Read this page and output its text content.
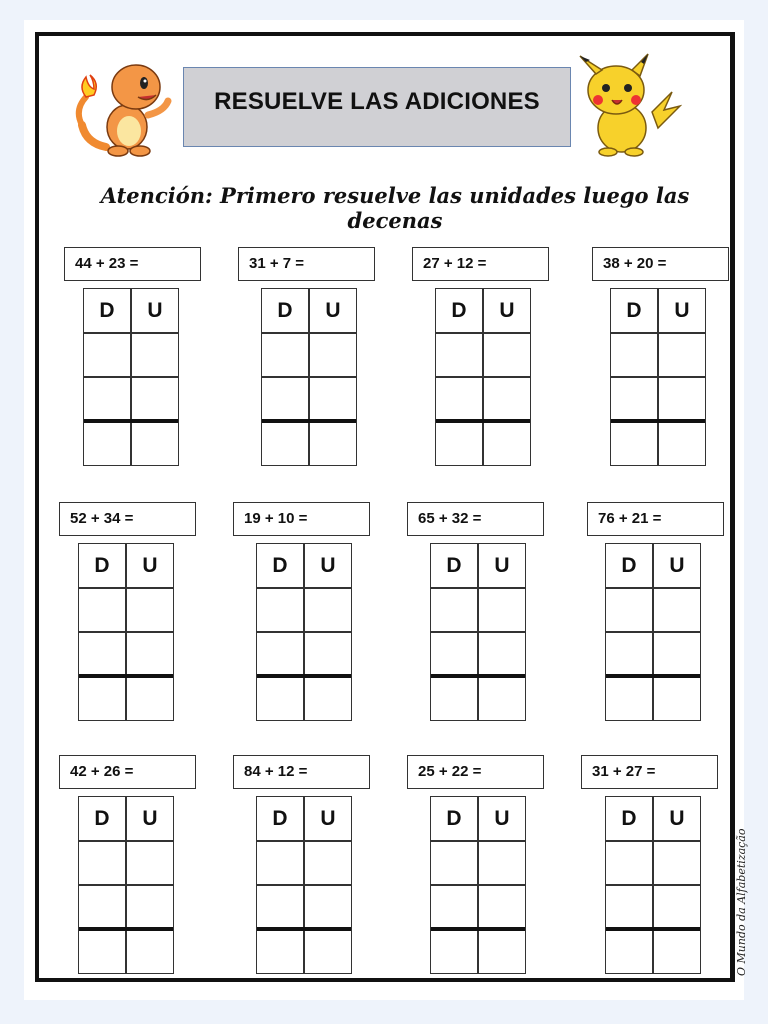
RESUELVE LAS ADICIONES
Atención: Primero resuelve las unidades luego las decenas
44 + 23 =
D	U
31 + 7 =
D	U
27 + 12 =
D	U
38 + 20 =
D	U
52 + 34 =
D	U
19 + 10 =
D	U
65 + 32 =
D	U
76 + 21 =
D	U
42 + 26 =
D	U
84 + 12 =
D	U
25 + 22 =
D	U
31 + 27 =
D	U
O Mundo da Alfabetização
